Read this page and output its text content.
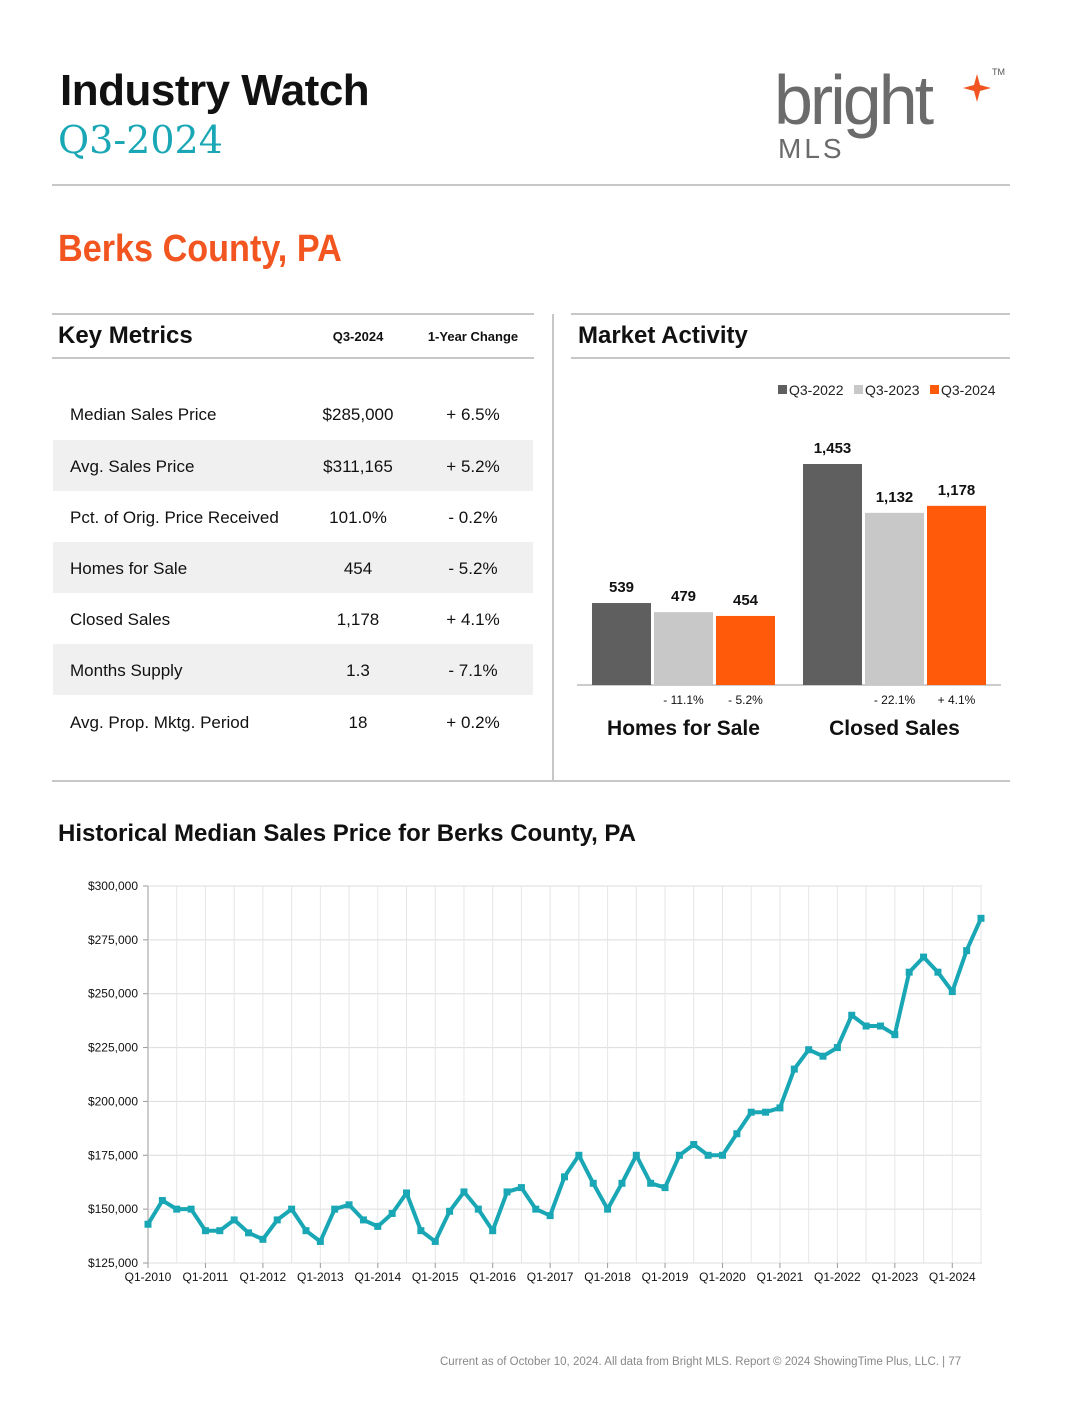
Industry Watch
Q3-2024
bright
MLS
TM
Berks County, PA
Key Metrics	Q3-2024	1-Year Change
Median Sales Price	$285,000	+ 6.5%
Avg. Sales Price	$311,165	+ 5.2%
Pct. of Orig. Price Received	101.0%	- 0.2%
Homes for Sale	454	- 5.2%
Closed Sales	1,178	+ 4.1%
Months Supply	1.3	- 7.1%
Avg. Prop. Mktg. Period	18	+ 0.2%
Market Activity
Q3-2022 Q3-2023 Q3-2024
539
479 454
- 11.1% - 5.2%
Homes for Sale
1,453
1,132 1,178
- 22.1% + 4.1%
Closed Sales
Historical Median Sales Price for Berks County, PA
$125,000
$150,000
$175,000
$200,000
$225,000
$250,000
$275,000
$300,000
Q1-2010 Q1-2011 Q1-2012 Q1-2013 Q1-2014 Q1-2015 Q1-2016 Q1-2017 Q1-2018 Q1-2019 Q1-2020 Q1-2021 Q1-2022 Q1-2023 Q1-2024
Current as of October 10, 2024. All data from Bright MLS. Report © 2024 ShowingTime Plus, LLC. | 77
